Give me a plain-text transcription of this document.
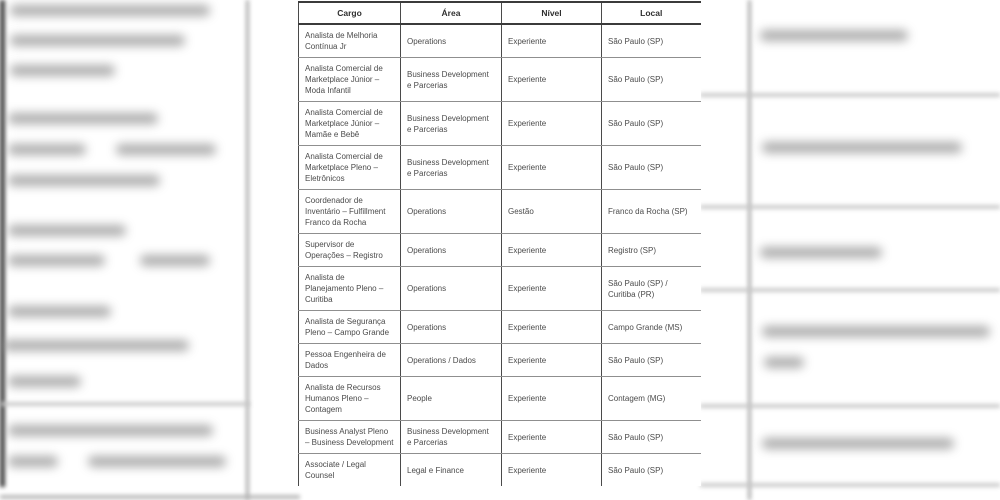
Cargo	Área	Nível	Local
Analista de Melhoria Contínua Jr	Operations	Experiente	São Paulo (SP)
Analista Comercial de Marketplace Júnior – Moda Infantil	Business Development e Parcerias	Experiente	São Paulo (SP)
Analista Comercial de Marketplace Júnior – Mamãe e Bebê	Business Development e Parcerias	Experiente	São Paulo (SP)
Analista Comercial de Marketplace Pleno – Eletrônicos	Business Development e Parcerias	Experiente	São Paulo (SP)
Coordenador de Inventário – Fulfillment Franco da Rocha	Operations	Gestão	Franco da Rocha (SP)
Supervisor de Operações – Registro	Operations	Experiente	Registro (SP)
Analista de Planejamento Pleno – Curitiba	Operations	Experiente	São Paulo (SP) / Curitiba (PR)
Analista de Segurança Pleno – Campo Grande	Operations	Experiente	Campo Grande (MS)
Pessoa Engenheira de Dados	Operations / Dados	Experiente	São Paulo (SP)
Analista de Recursos Humanos Pleno – Contagem	People	Experiente	Contagem (MG)
Business Analyst Pleno – Business Development	Business Development e Parcerias	Experiente	São Paulo (SP)
Associate / Legal Counsel	Legal e Finance	Experiente	São Paulo (SP)
